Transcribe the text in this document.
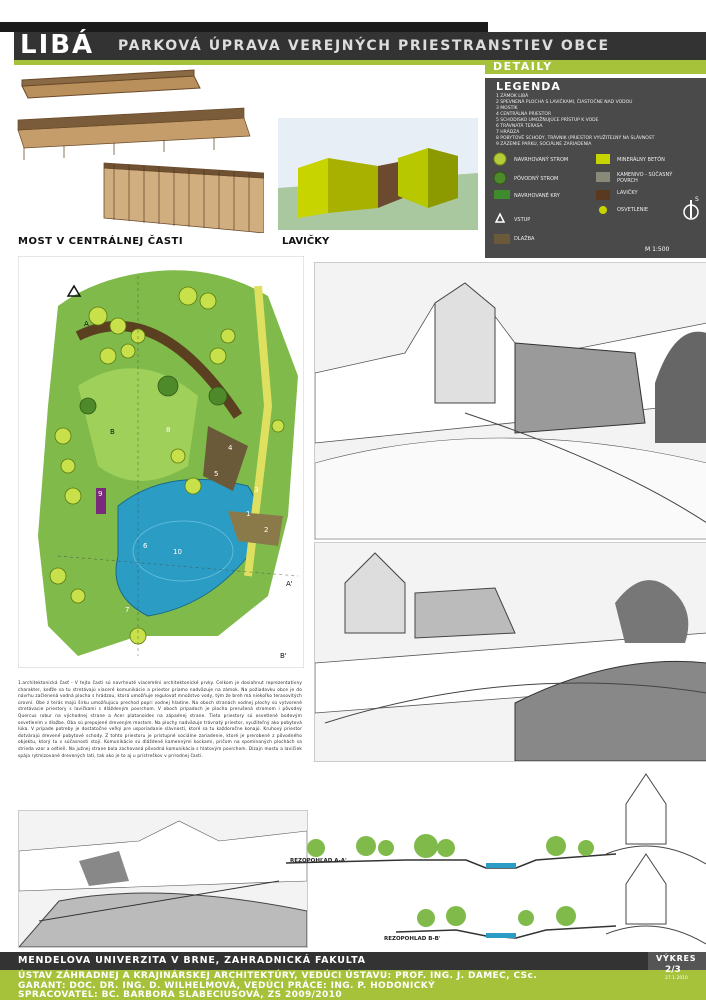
LIBÁ PARKOVÁ ÚPRAVA VEREJNÝCH PRIESTRANSTIEV OBCE
DETAILY
MOST V CENTRÁLNEJ ČASTI	LAVIČKY
LEGENDA
1 ZÁMOK LIBÁ
2 SPEVNENÁ PLOCHA S LAVIČKAMI, ČIASTOČNE NAD VODOU
3 MOSTÍK
4 CENTRÁLNA PRIESTOR
5 SCHODISKO UMOŽŇUJÚCE PRÍSTUP K VODE
6 TRÁVNATÁ TERASA
7 HRÁDZA
8 POBYTOVÉ SCHODY, TRÁVNIK (PRIESTOR VYUŽITEĽNÝ NA SLÁVNOST
9 ZÁZEMIE PARKU, SOCIÁLNE ZARIADENIA
NAVRHOVANÝ STROM
PÔVODNÝ STROM
NAVRHOVANÉ KRY
VSTUP
DLAŽBA
MINERÁLNY BETÓN
KAMENIVO - SÚČASNÝ POVRCH
LAVIČKY
OSVETLENIE
M 1:500
S
8
4
5
3
2
9
10
6
7
1
A
B
A'
B'
1.architektonická časť - V tejto časti sú navrhnuté viaceméni architektonické prvky. Celkom je dosiahnut reprezentatívny charakter, keďže sa tu stretávajú viaceré komunikácie a priestor priamo nadväzuje na zámok. Na požiadavku obce je do návrhu začlenená vodná plocha s hrádzou, ktorá umožňuje regulovať množstvo vody, tým že breh má niekoľko terasovitých úrovní. Obe z terás majú širku umožňujúcu prechod popri vodnej hladine. Na oboch stranách vodnej plochy sú vytvorené stretávacie priestory s lavičkami s dláždeným povrchom. V oboch prípadoch je plocha prerušená stromom i pôvodný Quercus robur na východnej strane a Acer platanoides na západnej strane. Tieto priestory sú osvetlené bodovým osvetlením v dlažbe. Oba sú prepojené dreveným mostom. Na plochy nadväzuje trávnatý priestor, využiteľný ako pobytová lúka. V prípade potreby je dostatočne veľký pre usporiadanie slávností, ktoré sa tu každoročne konajú. Kruhový priestor dotvárajú drevené pobytové schody. Z tohto priestoru je prístupné sociálne zariadenie, ktoré je prerobené z pôvodného objektu, ktorý tu v súčasnosti stojí. Komunikácie sú dláždené kamennými kockami, pričom na spomínaných plochách sa strieda vzor a odtieň. Na južnej strane bola zachovaná pôvodná komunikácia s hlatovým povrchom. Dizajn mostu a lavičiek spája rytmizované drevených latí, tak ako je to aj u prístreškov v prírodnej časti.
REZOPOHĽAD A-A'
REZOPOHLAD B-B'
MENDELOVA UNIVERZITA V BRNE, ZAHRADNICKÁ FAKULTA
ÚSTAV ZÁHRADNEJ A KRAJINÁRSKEJ ARCHITEKTÚRY, VEDÚCI ÚSTAVU: PROF. ING. J. DAMEC, CSc.
GARANT: DOC. DR. ING. D. WILHELMOVÁ, VEDÚCI PRÁCE: ING. P. HODONICKÝ
SPRACOVATEL: BC. BARBORA SLABECIUSOVÁ, ZS 2009/2010
VÝKRES
2/3
27.1.2010
